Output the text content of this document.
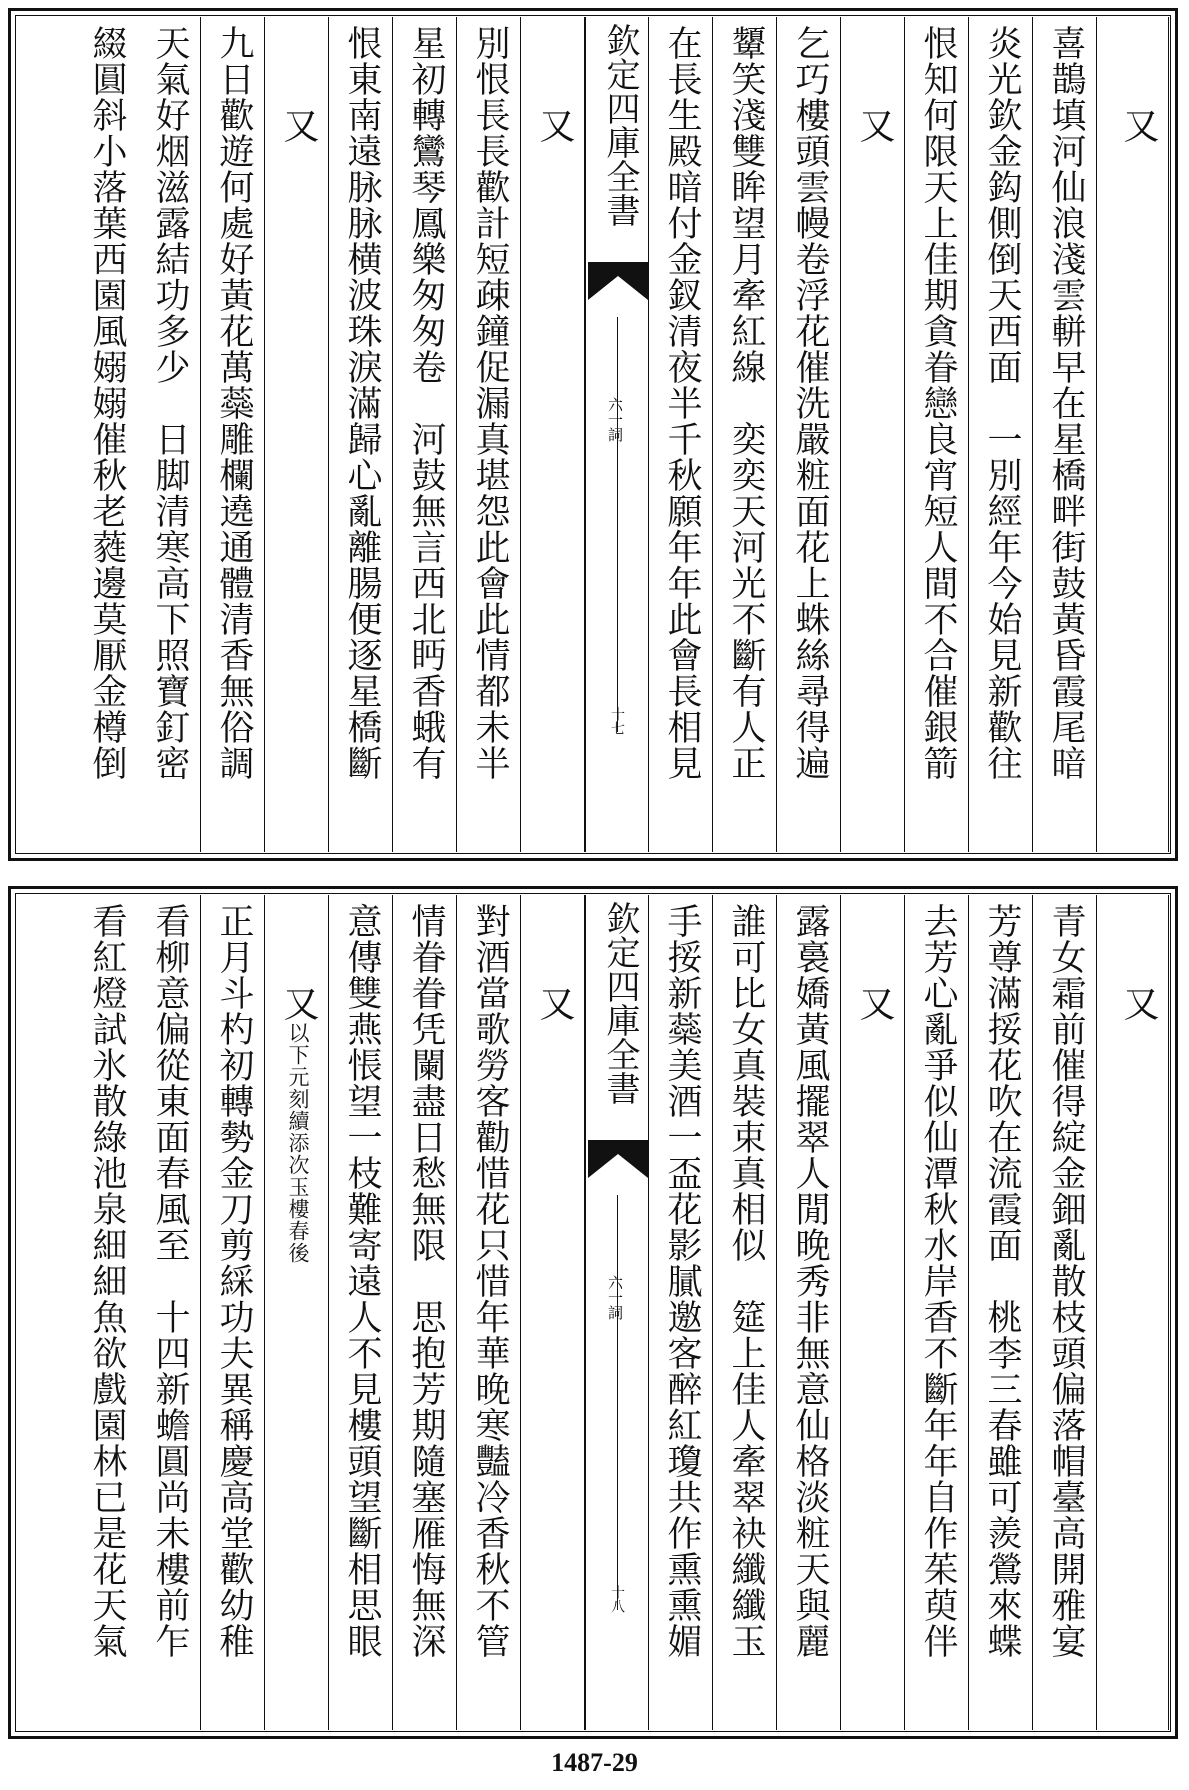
又
喜鵲填河仙浪淺雲軿早在星橋畔街鼓黃昏霞尾暗
炎光欽金鈎側倒天西面　一別經年今始見新歡往
恨知何限天上佳期貪眷戀良宵短人間不合催銀箭
又
乞巧樓頭雲幔卷浮花催洗嚴粧面花上蛛絲尋得遍
顰笑淺雙眸望月牽紅線　奕奕天河光不斷有人正
在長生殿暗付金釵清夜半千秋願年年此會長相見
欽定四庫全書
六一詞
十七
又
別恨長長歡計短疎鐘促漏真堪怨此會此情都未半
星初轉鸞琴鳳樂匆匆卷　河鼓無言西北眄香蛾有
恨東南遠脉脉横波珠淚滿歸心亂離腸便逐星橋斷
又
九日歡遊何處好黃花萬蘂雕欄遶通體清香無俗調
天氣好烟滋露結功多少　日脚清寒高下照寶釘密
綴圓斜小落葉西園風嫋嫋催秋老蕤邊莫厭金樽倒
又
青女霜前催得綻金鈿亂散枝頭偏落帽臺高開雅宴
芳尊滿挼花吹在流霞面　桃李三春雖可羨鶯來蝶
去芳心亂爭似仙潭秋水岸香不斷年年自作茱萸伴
又
露裛嬌黃風擺翠人閒晚秀非無意仙格淡粧天與麗
誰可比女真裝束真相似　筵上佳人牽翠袂纖纖玉
手挼新蘂美酒一盃花影膩邀客醉紅瓊共作熏熏媚
欽定四庫全書
六一詞
十八
又
對酒當歌勞客勸惜花只惜年華晚寒豔冷香秋不管
情眷眷凭闌盡日愁無限　思抱芳期隨塞雁悔無深
意傳雙燕悵望一枝難寄遠人不見樓頭望斷相思眼
又以下元刻續添次玉樓春後
正月斗杓初轉勢金刀剪綵功夫異稱慶高堂歡幼稚
看柳意偏從東面春風至　十四新蟾圓尚未樓前乍
看紅燈試氷散綠池泉細細魚欲戲園林已是花天氣
1487-29
